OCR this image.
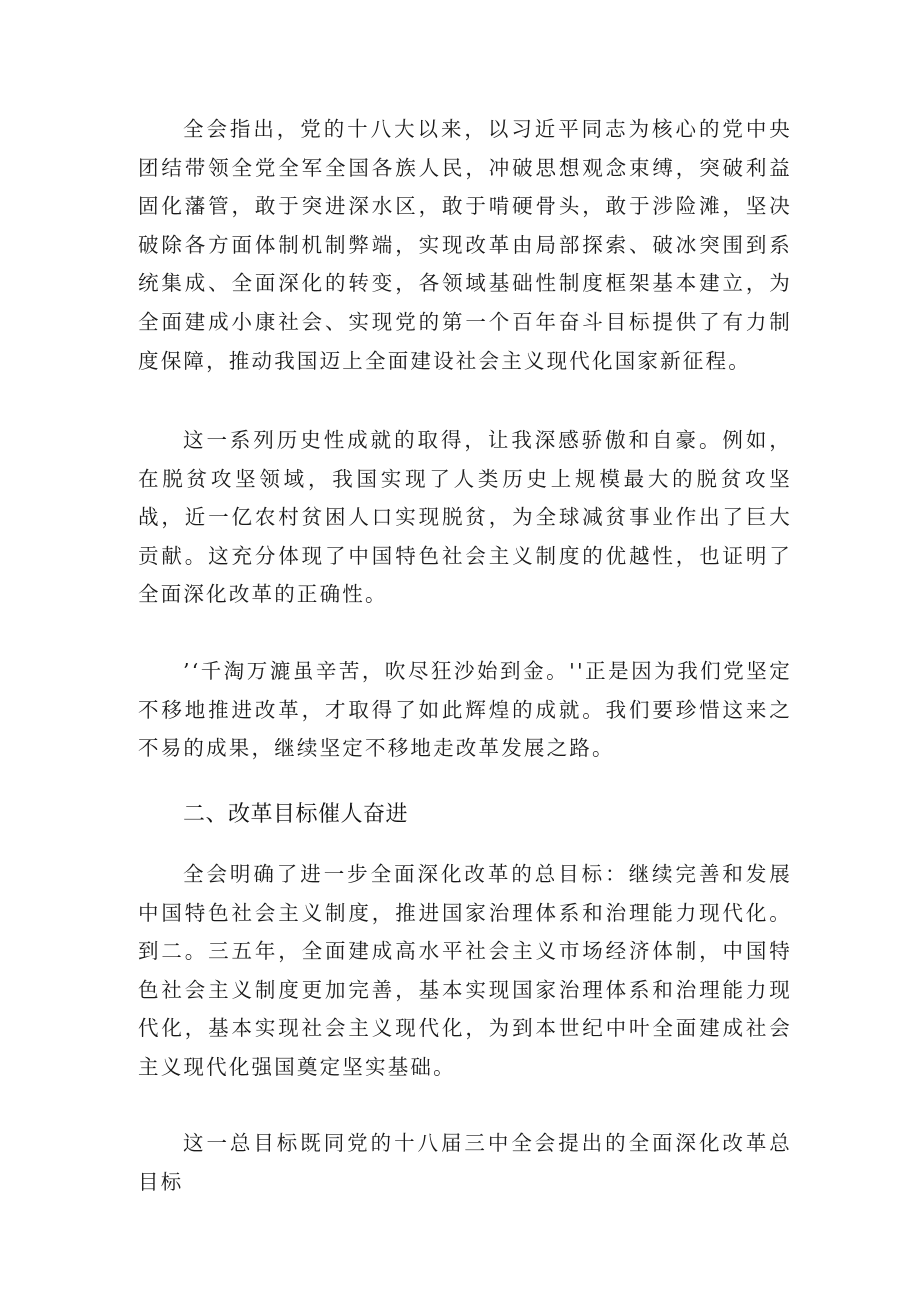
全会指出，党的十八大以来，以习近平同志为核心的党中央团结带领全党全军全国各族人民，冲破思想观念束缚，突破利益固化藩管，敢于突进深水区，敢于啃硬骨头，敢于涉险滩，坚决破除各方面体制机制弊端，实现改革由局部探索、破冰突围到系统集成、全面深化的转变，各领域基础性制度框架基本建立，为全面建成小康社会、实现党的第一个百年奋斗目标提供了有力制度保障，推动我国迈上全面建设社会主义现代化国家新征程。

这一系列历史性成就的取得，让我深感骄傲和自豪。例如，在脱贫攻坚领域，我国实现了人类历史上规模最大的脱贫攻坚战，近一亿农村贫困人口实现脱贫，为全球减贫事业作出了巨大贡献。这充分体现了中国特色社会主义制度的优越性，也证明了全面深化改革的正确性。

’‘千淘万漉虽辛苦，吹尽狂沙始到金。''正是因为我们党坚定不移地推进改革，才取得了如此辉煌的成就。我们要珍惜这来之不易的成果，继续坚定不移地走改革发展之路。

二、改革目标催人奋进

全会明确了进一步全面深化改革的总目标：继续完善和发展中国特色社会主义制度，推进国家治理体系和治理能力现代化。到二。三五年，全面建成高水平社会主义市场经济体制，中国特色社会主义制度更加完善，基本实现国家治理体系和治理能力现代化，基本实现社会主义现代化，为到本世纪中叶全面建成社会主义现代化强国奠定坚实基础。

这一总目标既同党的十八届三中全会提出的全面深化改革总目标
